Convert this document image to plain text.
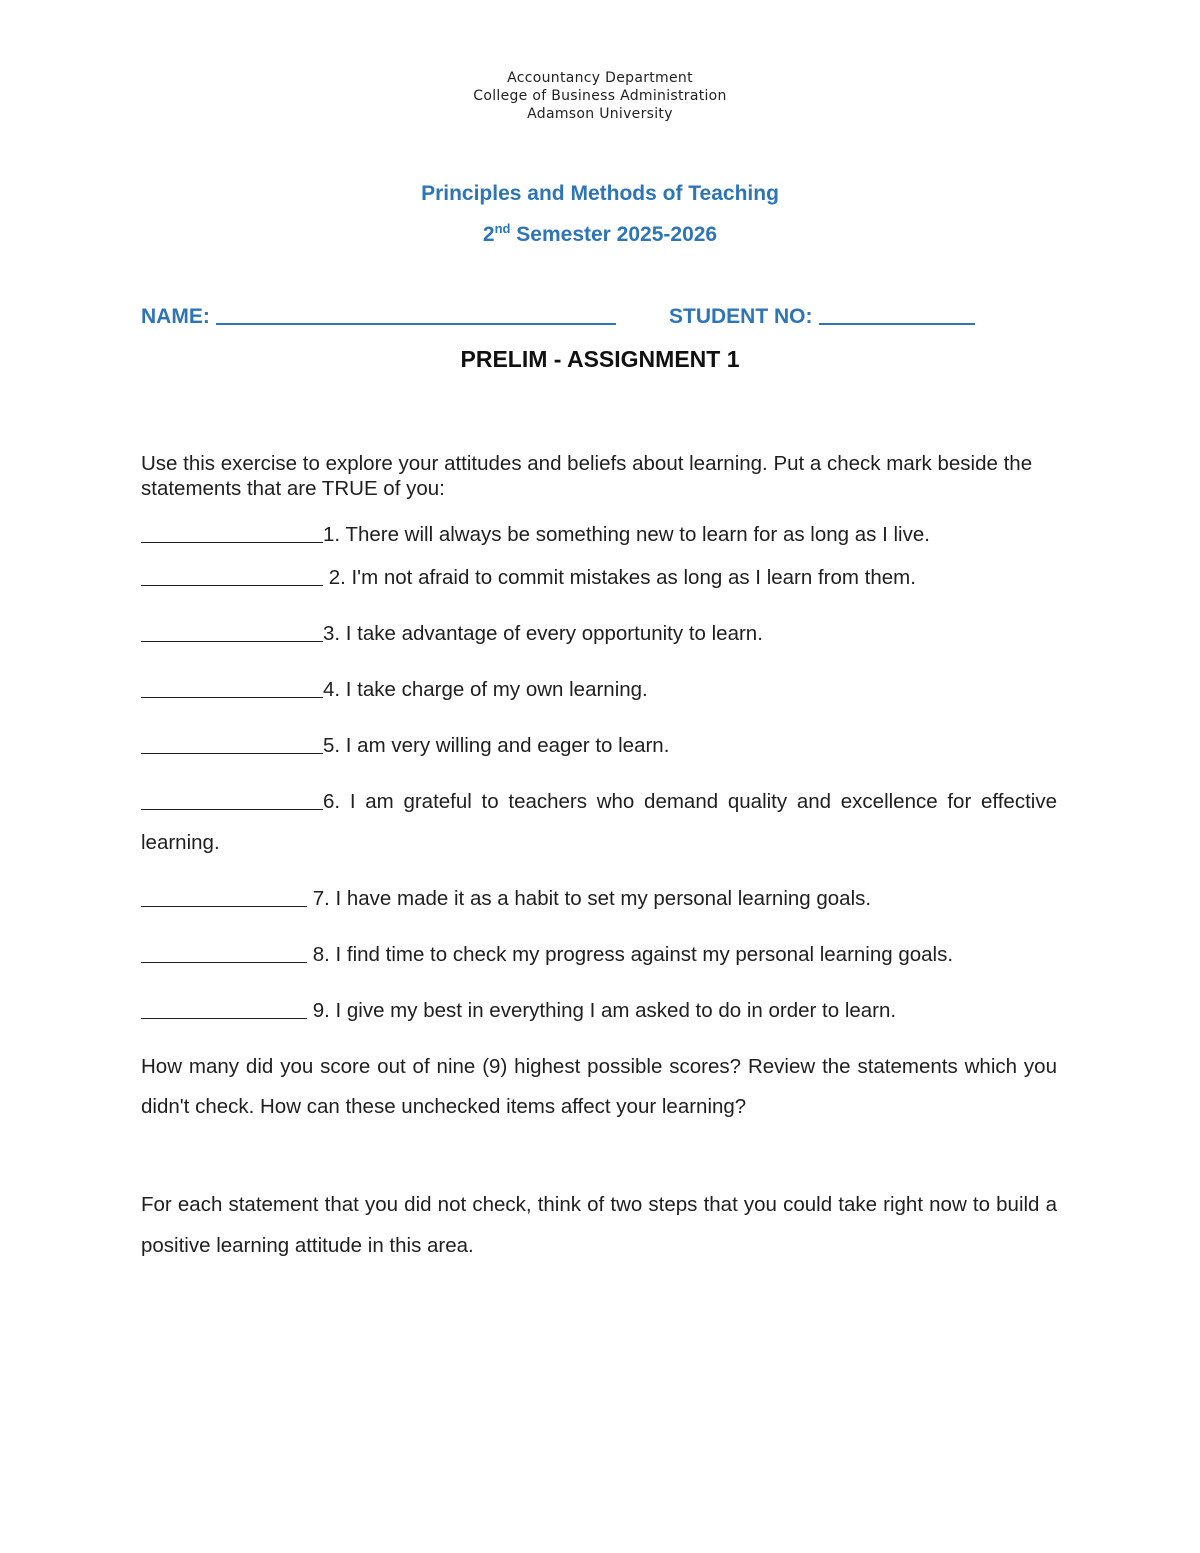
Accountancy Department
College of Business Administration
Adamson University
Principles and Methods of Teaching
2nd Semester 2025-2026
NAME:	STUDENT NO:
PRELIM - ASSIGNMENT 1
Use this exercise to explore your attitudes and beliefs about learning. Put a check mark beside the statements that are TRUE of you:
1. There will always be something new to learn for as long as I live.
2. I'm not afraid to commit mistakes as long as I learn from them.
3. I take advantage of every opportunity to learn.
4. I take charge of my own learning.
5. I am very willing and eager to learn.
6. I am grateful to teachers who demand quality and excellence for effective learning.
7. I have made it as a habit to set my personal learning goals.
8. I find time to check my progress against my personal learning goals.
9. I give my best in everything I am asked to do in order to learn.
How many did you score out of nine (9) highest possible scores? Review the statements which you didn't check. How can these unchecked items affect your learning?
For each statement that you did not check, think of two steps that you could take right now to build a positive learning attitude in this area.
